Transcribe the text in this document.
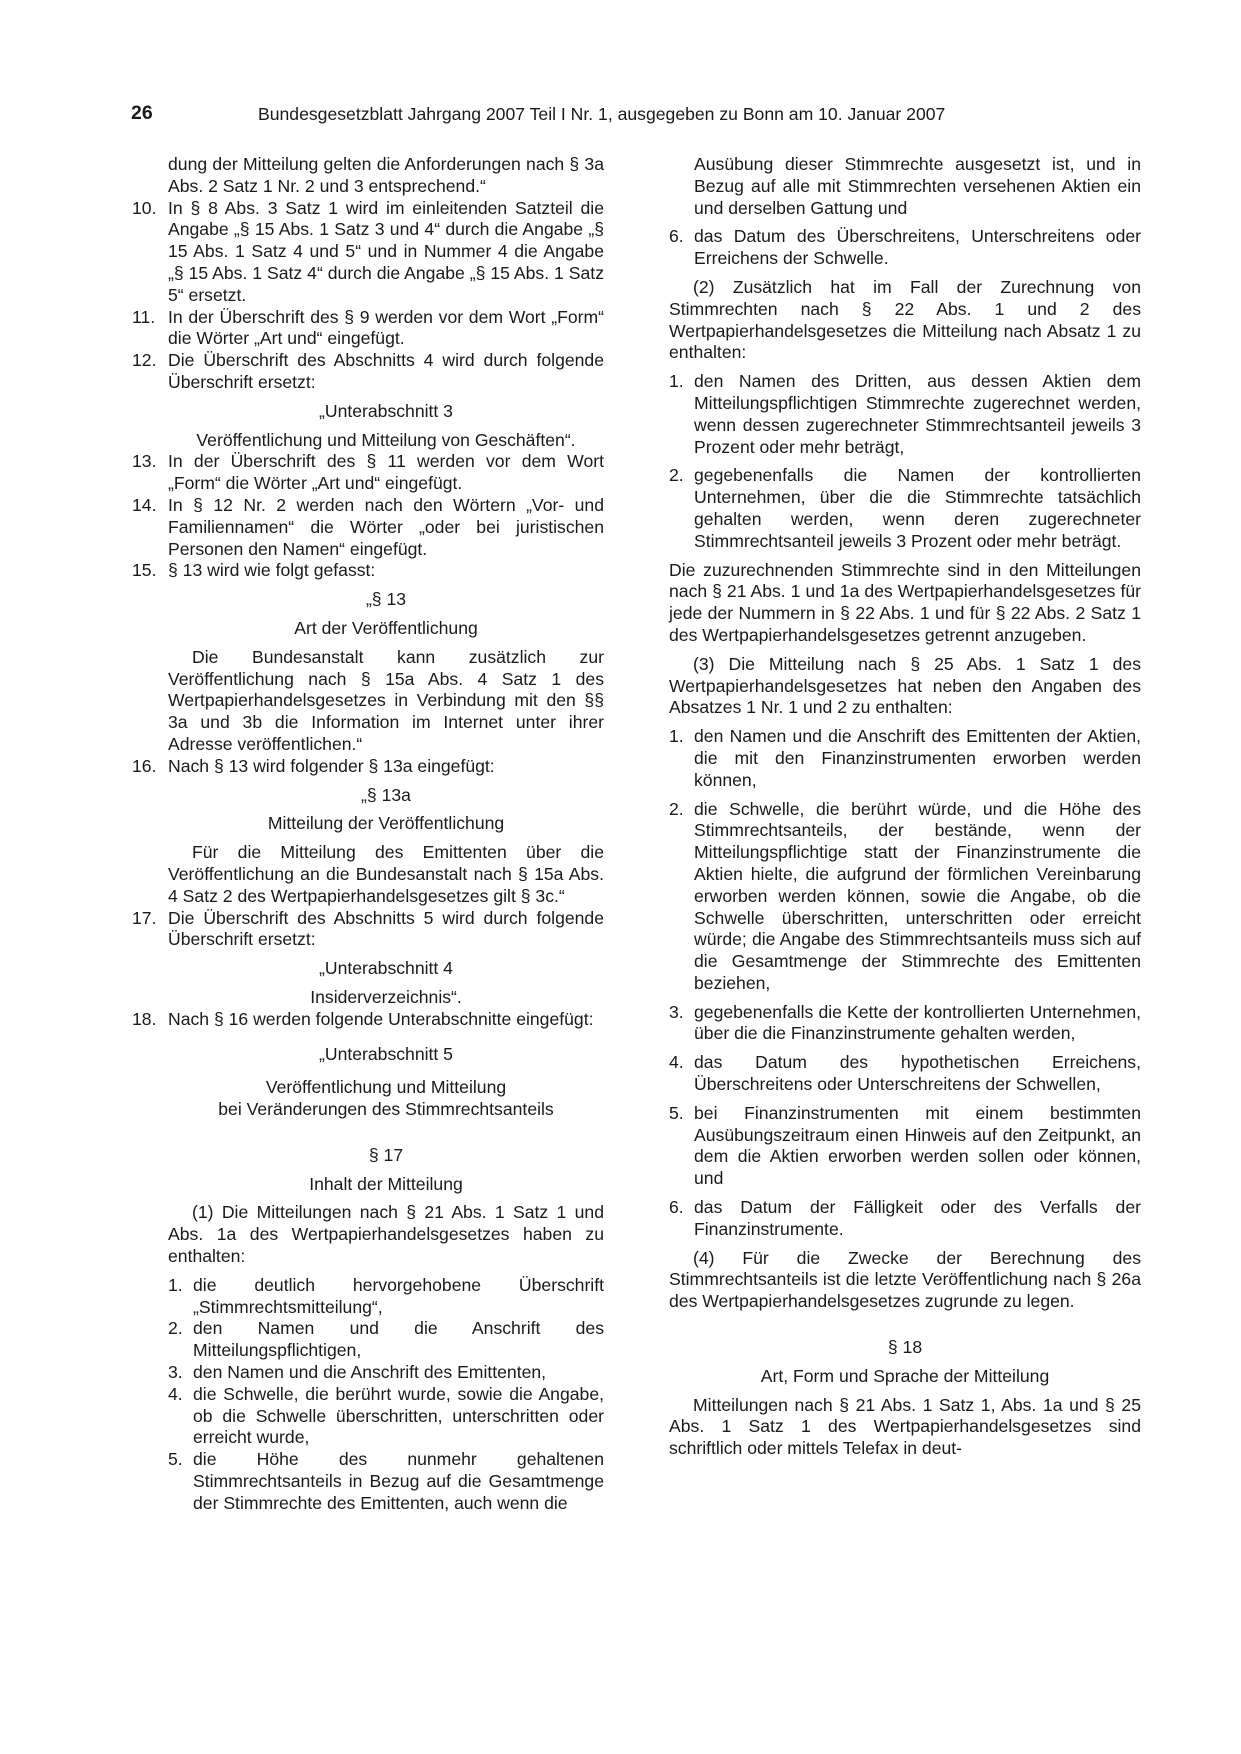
26	Bundesgesetzblatt Jahrgang 2007 Teil I Nr. 1, ausgegeben zu Bonn am 10. Januar 2007

dung der Mitteilung gelten die Anforderungen nach § 3a Abs. 2 Satz 1 Nr. 2 und 3 entsprechend.“

10. In § 8 Abs. 3 Satz 1 wird im einleitenden Satzteil die Angabe „§ 15 Abs. 1 Satz 3 und 4“ durch die Angabe „§ 15 Abs. 1 Satz 4 und 5“ und in Nummer 4 die Angabe „§ 15 Abs. 1 Satz 4“ durch die Angabe „§ 15 Abs. 1 Satz 5“ ersetzt.
11. In der Überschrift des § 9 werden vor dem Wort „Form“ die Wörter „Art und“ eingefügt.
12. Die Überschrift des Abschnitts 4 wird durch folgende Überschrift ersetzt:
„Unterabschnitt 3
Veröffentlichung und Mitteilung von Geschäften“.
13. In der Überschrift des § 11 werden vor dem Wort „Form“ die Wörter „Art und“ eingefügt.
14. In § 12 Nr. 2 werden nach den Wörtern „Vor- und Familiennamen“ die Wörter „oder bei juristischen Personen den Namen“ eingefügt.
15. § 13 wird wie folgt gefasst:
„§ 13
Art der Veröffentlichung

Die Bundesanstalt kann zusätzlich zur Veröffentlichung nach § 15a Abs. 4 Satz 1 des Wertpapierhandelsgesetzes in Verbindung mit den §§ 3a und 3b die Information im Internet unter ihrer Adresse veröffentlichen.“

16. Nach § 13 wird folgender § 13a eingefügt:
„§ 13a
Mitteilung der Veröffentlichung

Für die Mitteilung des Emittenten über die Veröffentlichung an die Bundesanstalt nach § 15a Abs. 4 Satz 2 des Wertpapierhandelsgesetzes gilt § 3c.“

17. Die Überschrift des Abschnitts 5 wird durch folgende Überschrift ersetzt:
„Unterabschnitt 4
Insiderverzeichnis“.
18. Nach § 16 werden folgende Unterabschnitte eingefügt:
„Unterabschnitt 5
Veröffentlichung und Mitteilung
bei Veränderungen des Stimmrechtsanteils
§ 17
Inhalt der Mitteilung

(1) Die Mitteilungen nach § 21 Abs. 1 Satz 1 und Abs. 1a des Wertpapierhandelsgesetzes haben zu enthalten:

1. die deutlich hervorgehobene Überschrift „Stimmrechtsmitteilung“,
2. den Namen und die Anschrift des Mitteilungspflichtigen,
3. den Namen und die Anschrift des Emittenten,
4. die Schwelle, die berührt wurde, sowie die Angabe, ob die Schwelle überschritten, unterschritten oder erreicht wurde,
5. die Höhe des nunmehr gehaltenen Stimmrechtsanteils in Bezug auf die Gesamtmenge der Stimmrechte des Emittenten, auch wenn die

Ausübung dieser Stimmrechte ausgesetzt ist, und in Bezug auf alle mit Stimmrechten versehenen Aktien ein und derselben Gattung und

6. das Datum des Überschreitens, Unterschreitens oder Erreichens der Schwelle.

(2) Zusätzlich hat im Fall der Zurechnung von Stimmrechten nach § 22 Abs. 1 und 2 des Wertpapierhandelsgesetzes die Mitteilung nach Absatz 1 zu enthalten:

1. den Namen des Dritten, aus dessen Aktien dem Mitteilungspflichtigen Stimmrechte zugerechnet werden, wenn dessen zugerechneter Stimmrechtsanteil jeweils 3 Prozent oder mehr beträgt,
2. gegebenenfalls die Namen der kontrollierten Unternehmen, über die die Stimmrechte tatsächlich gehalten werden, wenn deren zugerechneter Stimmrechtsanteil jeweils 3 Prozent oder mehr beträgt.

Die zuzurechnenden Stimmrechte sind in den Mitteilungen nach § 21 Abs. 1 und 1a des Wertpapierhandelsgesetzes für jede der Nummern in § 22 Abs. 1 und für § 22 Abs. 2 Satz 1 des Wertpapierhandelsgesetzes getrennt anzugeben.

(3) Die Mitteilung nach § 25 Abs. 1 Satz 1 des Wertpapierhandelsgesetzes hat neben den Angaben des Absatzes 1 Nr. 1 und 2 zu enthalten:

1. den Namen und die Anschrift des Emittenten der Aktien, die mit den Finanzinstrumenten erworben werden können,
2. die Schwelle, die berührt würde, und die Höhe des Stimmrechtsanteils, der bestände, wenn der Mitteilungspflichtige statt der Finanzinstrumente die Aktien hielte, die aufgrund der förmlichen Vereinbarung erworben werden können, sowie die Angabe, ob die Schwelle überschritten, unterschritten oder erreicht würde; die Angabe des Stimmrechtsanteils muss sich auf die Gesamtmenge der Stimmrechte des Emittenten beziehen,
3. gegebenenfalls die Kette der kontrollierten Unternehmen, über die die Finanzinstrumente gehalten werden,
4. das Datum des hypothetischen Erreichens, Überschreitens oder Unterschreitens der Schwellen,
5. bei Finanzinstrumenten mit einem bestimmten Ausübungszeitraum einen Hinweis auf den Zeitpunkt, an dem die Aktien erworben werden sollen oder können, und
6. das Datum der Fälligkeit oder des Verfalls der Finanzinstrumente.

(4) Für die Zwecke der Berechnung des Stimmrechtsanteils ist die letzte Veröffentlichung nach § 26a des Wertpapierhandelsgesetzes zugrunde zu legen.

§ 18
Art, Form und Sprache der Mitteilung

Mitteilungen nach § 21 Abs. 1 Satz 1, Abs. 1a und § 25 Abs. 1 Satz 1 des Wertpapierhandelsgesetzes sind schriftlich oder mittels Telefax in deut-
